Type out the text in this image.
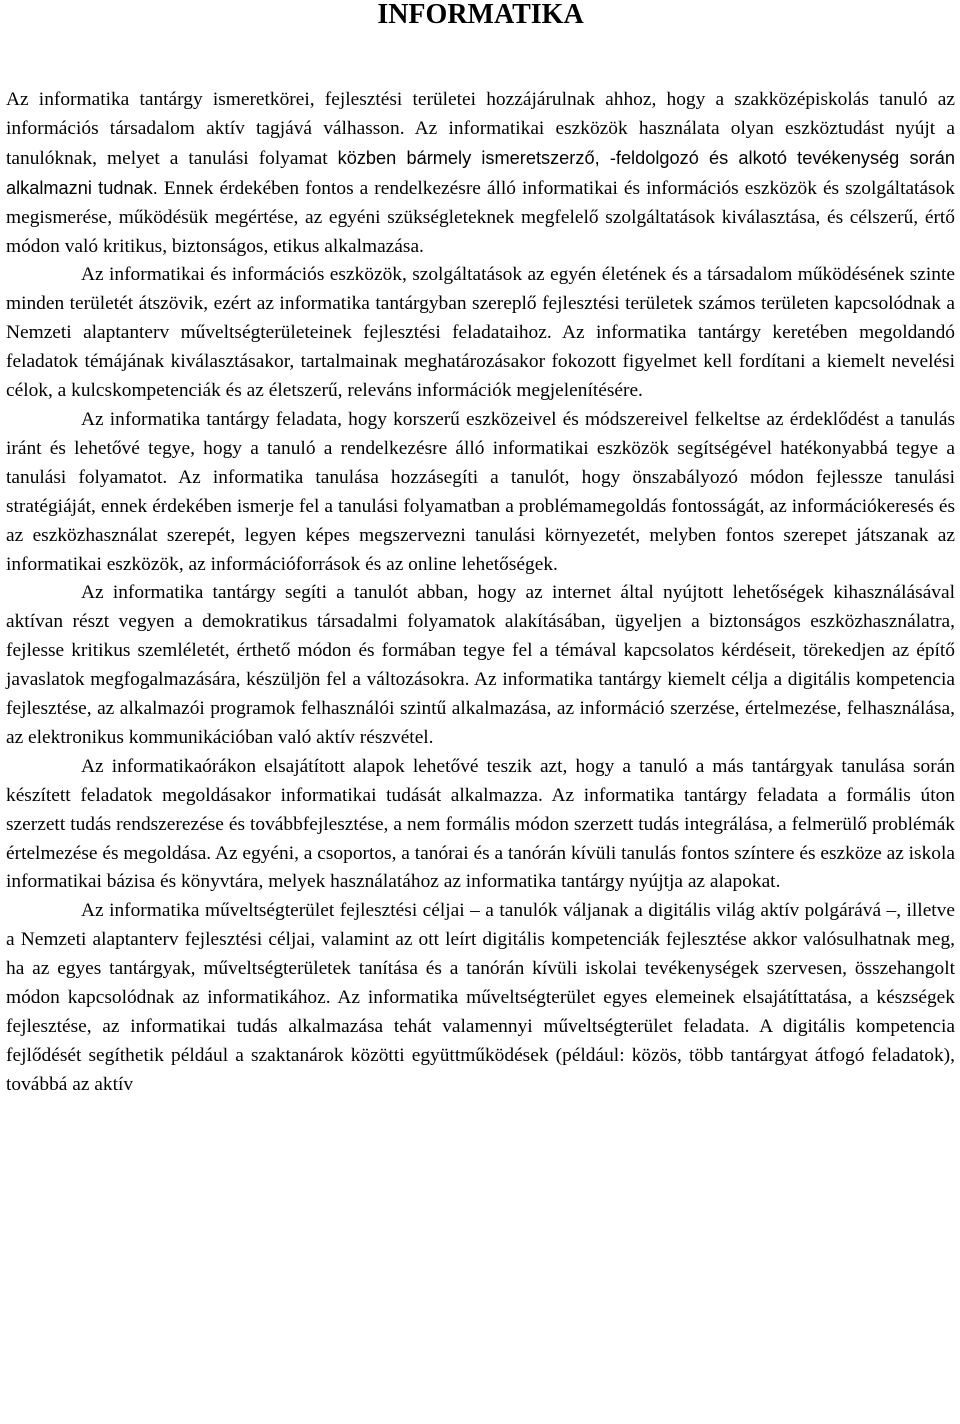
INFORMATIKA

Az informatika tantárgy ismeretkörei, fejlesztési területei hozzájárulnak ahhoz, hogy a szakközépiskolás tanuló az információs társadalom aktív tagjává válhasson. Az informatikai eszközök használata olyan eszköztudást nyújt a tanulóknak, melyet a tanulási folyamat közben bármely ismeretszerző, -feldolgozó és alkotó tevékenység során alkalmazni tudnak. Ennek érdekében fontos a rendelkezésre álló informatikai és információs eszközök és szolgáltatások megismerése, működésük megértése, az egyéni szükségleteknek megfelelő szolgáltatások kiválasztása, és célszerű, értő módon való kritikus, biztonságos, etikus alkalmazása.

Az informatikai és információs eszközök, szolgáltatások az egyén életének és a társadalom működésének szinte minden területét átszövik, ezért az informatika tantárgyban szereplő fejlesztési területek számos területen kapcsolódnak a Nemzeti alaptanterv műveltségterületeinek fejlesztési feladataihoz. Az informatika tantárgy keretében megoldandó feladatok témájának kiválasztásakor, tartalmainak meghatározásakor fokozott figyelmet kell fordítani a kiemelt nevelési célok, a kulcskompetenciák és az életszerű, releváns információk megjelenítésére.

Az informatika tantárgy feladata, hogy korszerű eszközeivel és módszereivel felkeltse az érdeklődést a tanulás iránt és lehetővé tegye, hogy a tanuló a rendelkezésre álló informatikai eszközök segítségével hatékonyabbá tegye a tanulási folyamatot. Az informatika tanulása hozzásegíti a tanulót, hogy önszabályozó módon fejlessze tanulási stratégiáját, ennek érdekében ismerje fel a tanulási folyamatban a problémamegoldás fontosságát, az információkeresés és az eszközhasználat szerepét, legyen képes megszervezni tanulási környezetét, melyben fontos szerepet játszanak az informatikai eszközök, az információforrások és az online lehetőségek.

Az informatika tantárgy segíti a tanulót abban, hogy az internet által nyújtott lehetőségek kihasználásával aktívan részt vegyen a demokratikus társadalmi folyamatok alakításában, ügyeljen a biztonságos eszközhasználatra, fejlesse kritikus szemléletét, érthető módon és formában tegye fel a témával kapcsolatos kérdéseit, törekedjen az építő javaslatok megfogalmazására, készüljön fel a változásokra. Az informatika tantárgy kiemelt célja a digitális kompetencia fejlesztése, az alkalmazói programok felhasználói szintű alkalmazása, az információ szerzése, értelmezése, felhasználása, az elektronikus kommunikációban való aktív részvétel.

Az informatikaórákon elsajátított alapok lehetővé teszik azt, hogy a tanuló a más tantárgyak tanulása során készített feladatok megoldásakor informatikai tudását alkalmazza. Az informatika tantárgy feladata a formális úton szerzett tudás rendszerezése és továbbfejlesztése, a nem formális módon szerzett tudás integrálása, a felmerülő problémák értelmezése és megoldása. Az egyéni, a csoportos, a tanórai és a tanórán kívüli tanulás fontos színtere és eszköze az iskola informatikai bázisa és könyvtára, melyek használatához az informatika tantárgy nyújtja az alapokat.

Az informatika műveltségterület fejlesztési céljai – a tanulók váljanak a digitális világ aktív polgárává –, illetve a Nemzeti alaptanterv fejlesztési céljai, valamint az ott leírt digitális kompetenciák fejlesztése akkor valósulhatnak meg, ha az egyes tantárgyak, műveltségterületek tanítása és a tanórán kívüli iskolai tevékenységek szervesen, összehangolt módon kapcsolódnak az informatikához. Az informatika műveltségterület egyes elemeinek elsajátíttatása, a készségek fejlesztése, az informatikai tudás alkalmazása tehát valamennyi műveltségterület feladata. A digitális kompetencia fejlődését segíthetik például a szaktanárok közötti együttműködések (például: közös, több tantárgyat átfogó feladatok), továbbá az aktív
